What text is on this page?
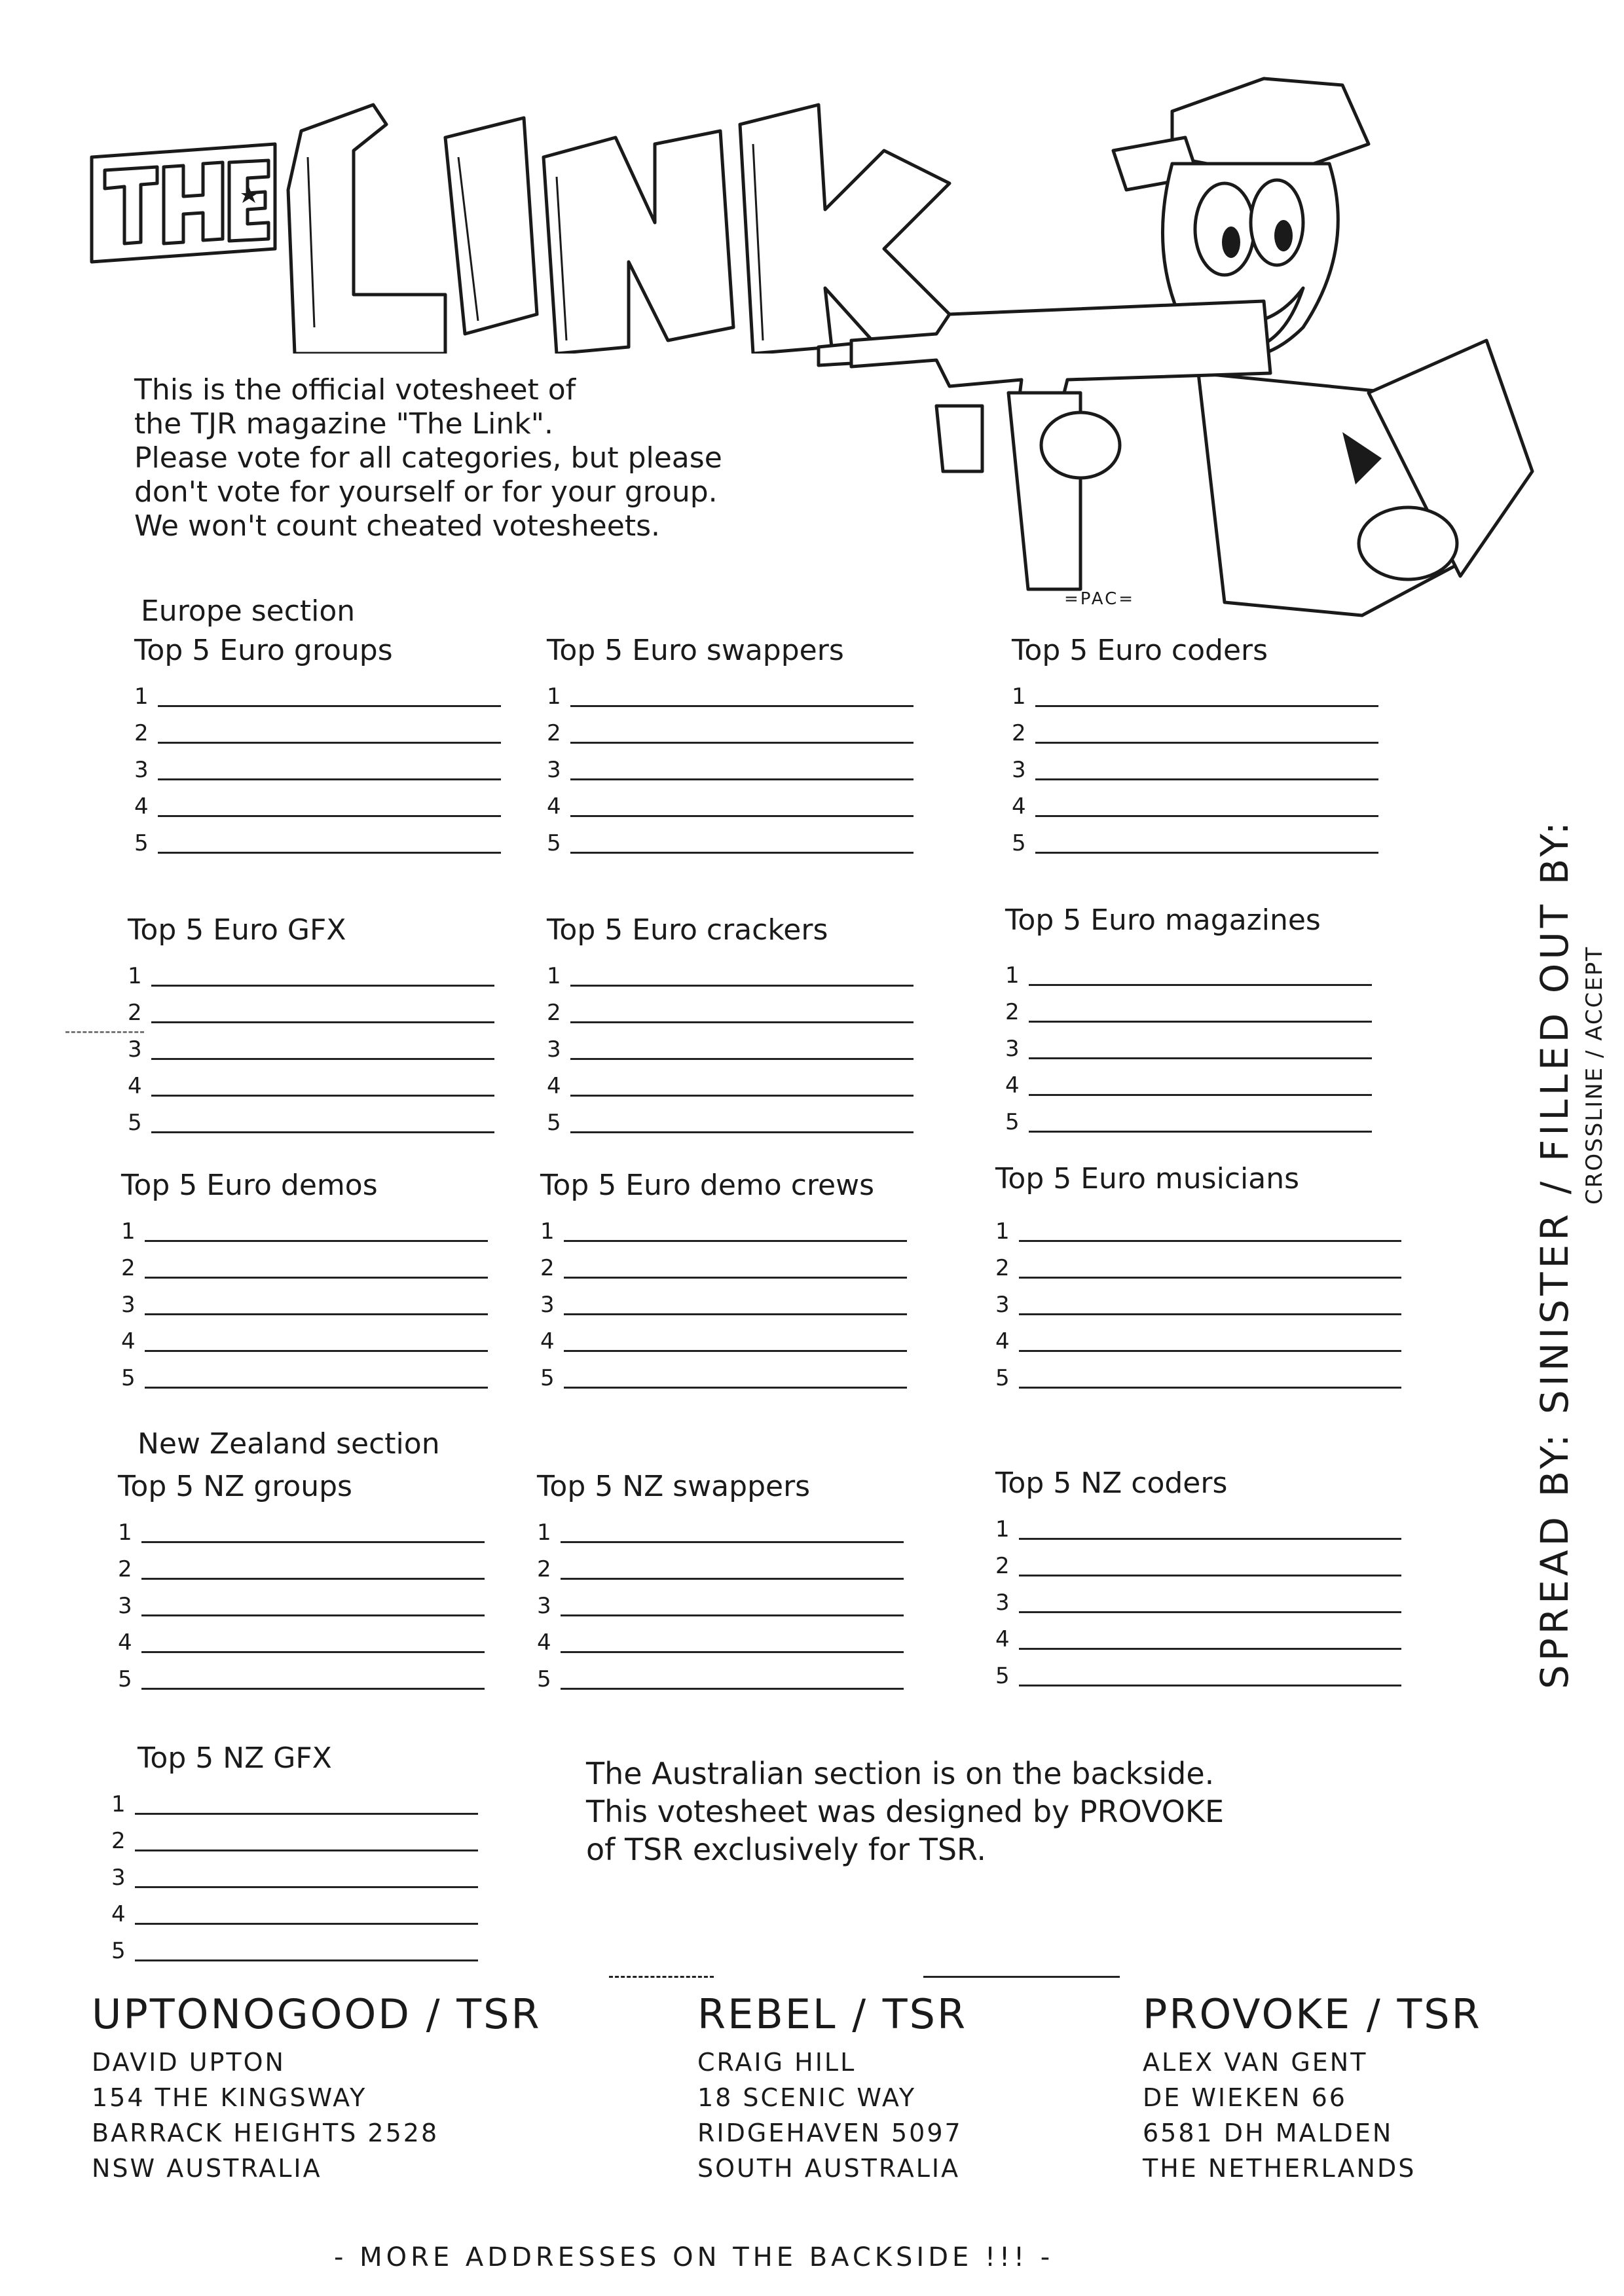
This is the official votesheet of
the TJR magazine "The Link".
Please vote for all categories, but please
don't vote for yourself or for your group.
We won't count cheated votesheets.
=PAC=
Europe section
Top 5 Euro groups
1
2
3
4
5
Top 5 Euro swappers
1
2
3
4
5
Top 5 Euro coders
1
2
3
4
5
Top 5 Euro GFX
1
2
3
4
5
Top 5 Euro crackers
1
2
3
4
5
Top 5 Euro magazines
1
2
3
4
5
Top 5 Euro demos
1
2
3
4
5
Top 5 Euro demo crews
1
2
3
4
5
Top 5 Euro musicians
1
2
3
4
5
New Zealand section
Top 5 NZ groups
1
2
3
4
5
Top 5 NZ swappers
1
2
3
4
5
Top 5 NZ coders
1
2
3
4
5
Top 5 NZ GFX
1
2
3
4
5
The Australian section is on the backside.
This votesheet was designed by PROVOKE
of TSR exclusively for TSR.
SPREAD BY: SINISTER / FILLED OUT BY: CROSSLINE / ACCEPT
UPTONOGOOD / TSR
DAVID UPTON
154 THE KINGSWAY
BARRACK HEIGHTS 2528
NSW AUSTRALIA
REBEL / TSR
CRAIG HILL
18 SCENIC WAY
RIDGEHAVEN 5097
SOUTH AUSTRALIA
PROVOKE / TSR
ALEX VAN GENT
DE WIEKEN 66
6581 DH MALDEN
THE NETHERLANDS
- MORE ADDRESSES ON THE BACKSIDE !!! -
